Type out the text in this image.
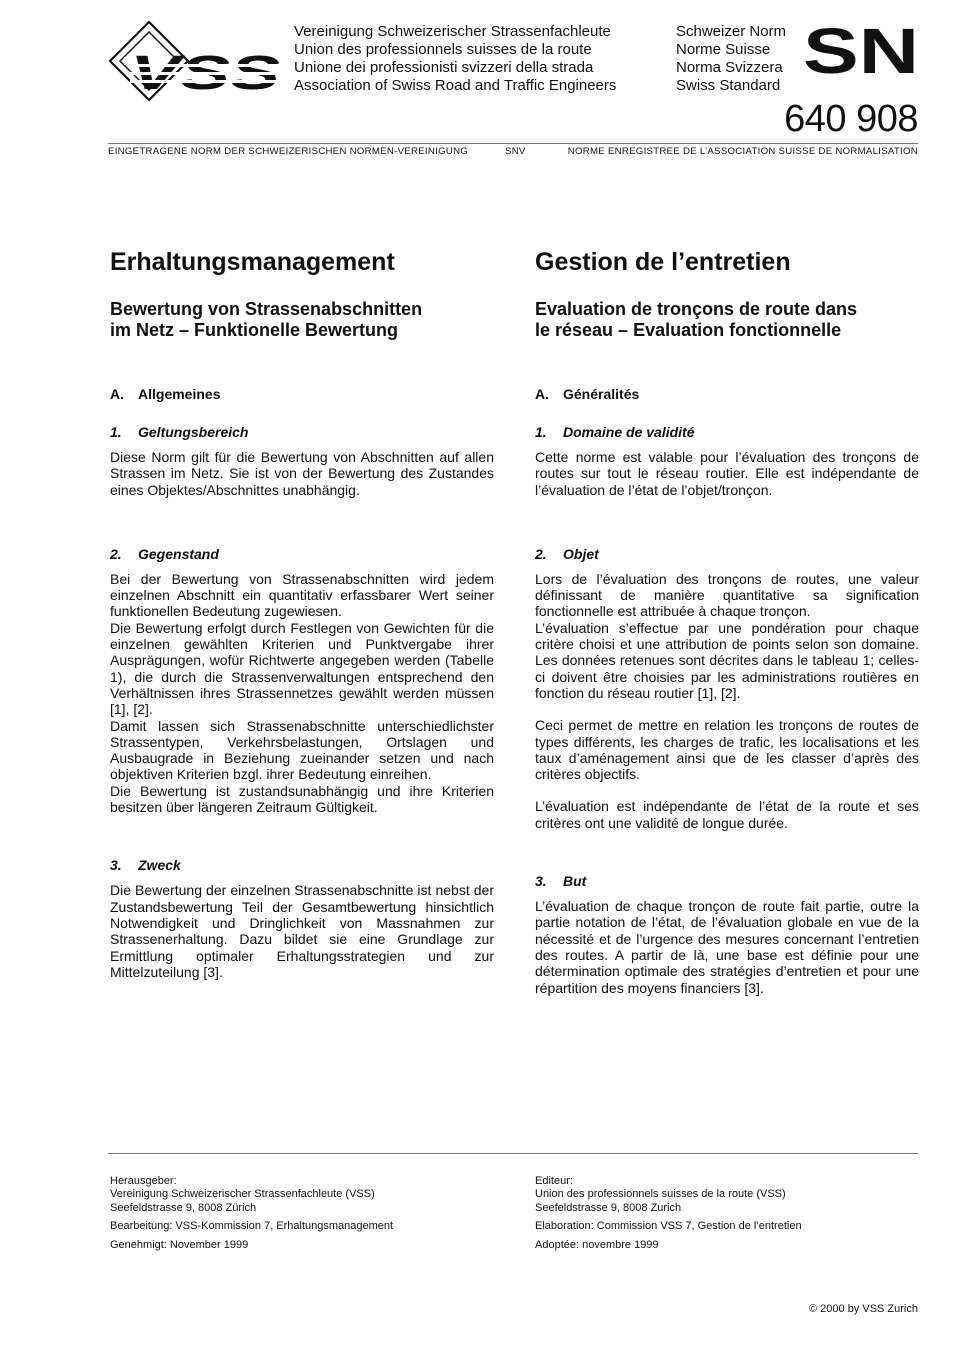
Vereinigung Schweizerischer Strassenfachleute

Union des professionnels suisses de la route

Unione dei professionisti svizzeri della strada

Association of Swiss Road and Traffic Engineers

Schweizer Norm

Norme Suisse

Norma Svizzera

Swiss Standard SN
640 908
EINGETRAGENE NORM DER SCHWEIZERISCHEN NORMEN-VEREINIGUNG	SNV	NORME ENREGISTREE DE L’ASSOCIATION SUISSE DE NORMALISATION
Erhaltungsmanagement
Bewertung von Strassenabschnitten
im Netz – Funktionelle Bewertung
A. Allgemeines
1. Geltungsbereich

Diese Norm gilt für die Bewertung von Abschnitten auf allen Strassen im Netz. Sie ist von der Bewertung des Zustandes eines Objektes/Abschnittes unabhängig.

2. Gegenstand

Bei der Bewertung von Strassenabschnitten wird jedem einzelnen Abschnitt ein quantitativ erfassbarer Wert seiner funktionellen Bedeutung zugewiesen.

Die Bewertung erfolgt durch Festlegen von Gewichten für die einzelnen gewählten Kriterien und Punktvergabe ihrer Ausprägungen, wofür Richtwerte angegeben werden (Tabelle 1), die durch die Strassenverwaltungen entsprechend den Verhältnissen ihres Strassennetzes gewählt werden müssen [1], [2].

Damit lassen sich Strassenabschnitte unterschiedlichster Strassentypen, Verkehrsbelastungen, Ortslagen und Ausbaugrade in Beziehung zueinander setzen und nach objektiven Kriterien bzgl. ihrer Bedeutung einreihen.

Die Bewertung ist zustandsunabhängig und ihre Kriterien besitzen über längeren Zeitraum Gültigkeit.

3. Zweck

Die Bewertung der einzelnen Strassenabschnitte ist nebst der Zustandsbewertung Teil der Gesamtbewertung hinsichtlich Notwendigkeit und Dringlichkeit von Massnahmen zur Strassenerhaltung. Dazu bildet sie eine Grundlage zur Ermittlung optimaler Erhaltungsstrategien und zur Mittelzuteilung [3].

Gestion de l’entretien
Evaluation de tronçons de route dans
le réseau – Evaluation fonctionnelle
A. Généralités
1. Domaine de validité

Cette norme est valable pour l’évaluation des tronçons de routes sur tout le réseau routier. Elle est indépendante de l’évaluation de l’état de l’objet/tronçon.

2. Objet

Lors de l’évaluation des tronçons de routes, une valeur définissant de manière quantitative sa signification fonctionnelle est attribuée à chaque tronçon.

L’évaluation s’effectue par une pondération pour chaque critère choisi et une attribution de points selon son domaine. Les données retenues sont décrites dans le tableau 1; celles-ci doivent être choisies par les administrations routières en fonction du réseau routier [1], [2].

Ceci permet de mettre en relation les tronçons de routes de types différents, les charges de trafic, les localisations et les taux d’aménagement ainsi que de les classer d’après des critères objectifs.

L’évaluation est indépendante de l’état de la route et ses critères ont une validité de longue durée.

3. But

L’évaluation de chaque tronçon de route fait partie, outre la partie notation de l’état, de l’évaluation globale en vue de la nécessité et de l’urgence des mesures concernant l’entretien des routes. A partir de là, une base est définie pour une détermination optimale des stratégies d’entretien et pour une répartition des moyens financiers [3].

Herausgeber:

Vereinigung Schweizerischer Strassenfachleute (VSS)

Seefeldstrasse 9, 8008 Zürich

Bearbeitung: VSS-Kommission 7, Erhaltungsmanagement

Genehmigt: November 1999

Editeur:

Union des professionnels suisses de la route (VSS)

Seefeldstrasse 9, 8008 Zurich

Elaboration: Commission VSS 7, Gestion de l’entretien

Adoptée: novembre 1999

© 2000 by VSS Zurich
